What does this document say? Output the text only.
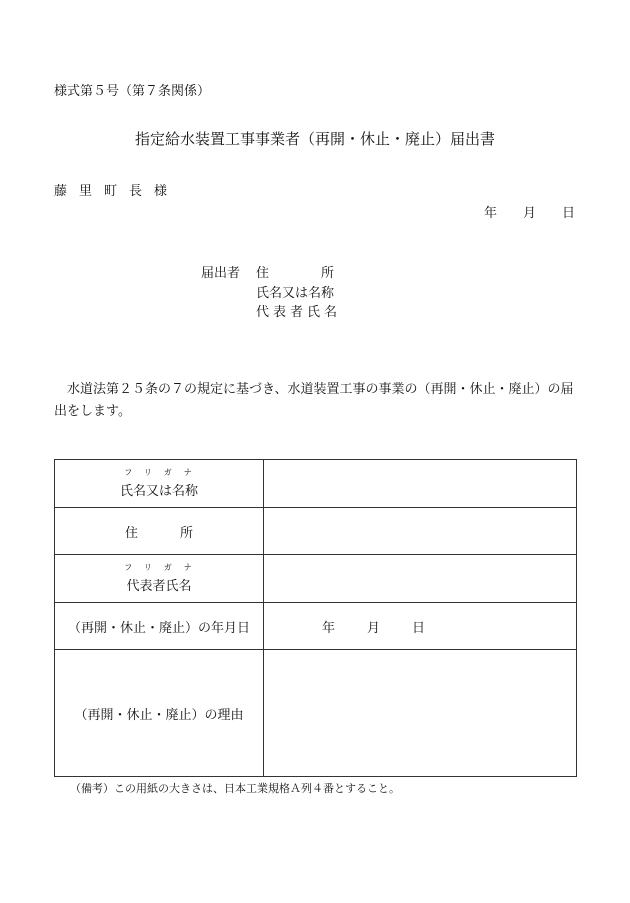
様式第５号（第７条関係）
指定給水装置工事事業者（再開・休止・廃止）届出書
藤里町長様
年 月 日
届出者 住	所
氏名又は名称
代表者氏名
水道法第２５条の７の規定に基づき、水道装置工事の事業の（再開・休止・廃止）の届出をします。
フリガナ
氏名又は名称	
住 所	

フリガナ
代表者氏名	
（再開・休止・廃止）の年月日	年 月 日
（再開・休止・廃止）の理由	
（備考）この用紙の大きさは、日本工業規格Ａ列４番とすること。
